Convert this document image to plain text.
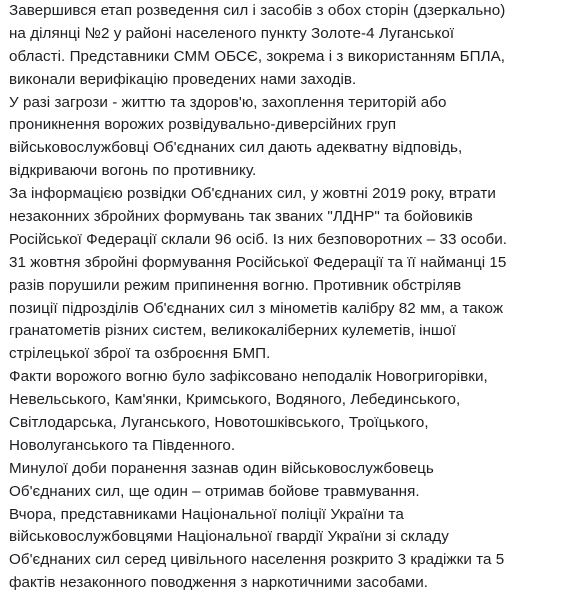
Завершився етап розведення сил і засобів з обох сторін (дзеркально)
на ділянці №2 у районі населеного пункту Золоте-4 Луганської
області. Представники СММ ОБСЄ, зокрема і з використанням БПЛА,
виконали верифікацію проведених нами заходів.
У разі загрози - життю та здоров'ю, захоплення територій або
проникнення ворожих розвідувально-диверсійних груп
військовослужбовці Об'єднаних сил дають адекватну відповідь,
відкриваючи вогонь по противнику.
За інформацією розвідки Об'єднаних сил, у жовтні 2019 року, втрати
незаконних збройних формувань так званих "ЛДНР" та бойовиків
Російської Федерації склали 96 осіб. Із них безповоротних – 33 особи.
31 жовтня збройні формування Російської Федерації та її найманці 15
разів порушили режим припинення вогню. Противник обстріляв
позиції підрозділів Об'єднаних сил з мінометів калібру 82 мм, а також
гранатометів різних систем, великокаліберних кулеметів, іншої
стрілецької зброї та озброєння БМП.
Факти ворожого вогню було зафіксовано неподалік Новогригорівки,
Невельського, Кам'янки, Кримського, Водяного, Лебединського,
Світлодарська, Луганського, Новотошківського, Троїцького,
Новолуганського та Південного.
Минулої доби поранення зазнав один військовослужбовець
Об'єднаних сил, ще один – отримав бойове травмування.
Вчора, представниками Національної поліції України та
військовослужбовцями Національної гвардії України зі складу
Об'єднаних сил серед цивільного населення розкрито 3 крадіжки та 5
фактів незаконного поводження з наркотичними засобами.
